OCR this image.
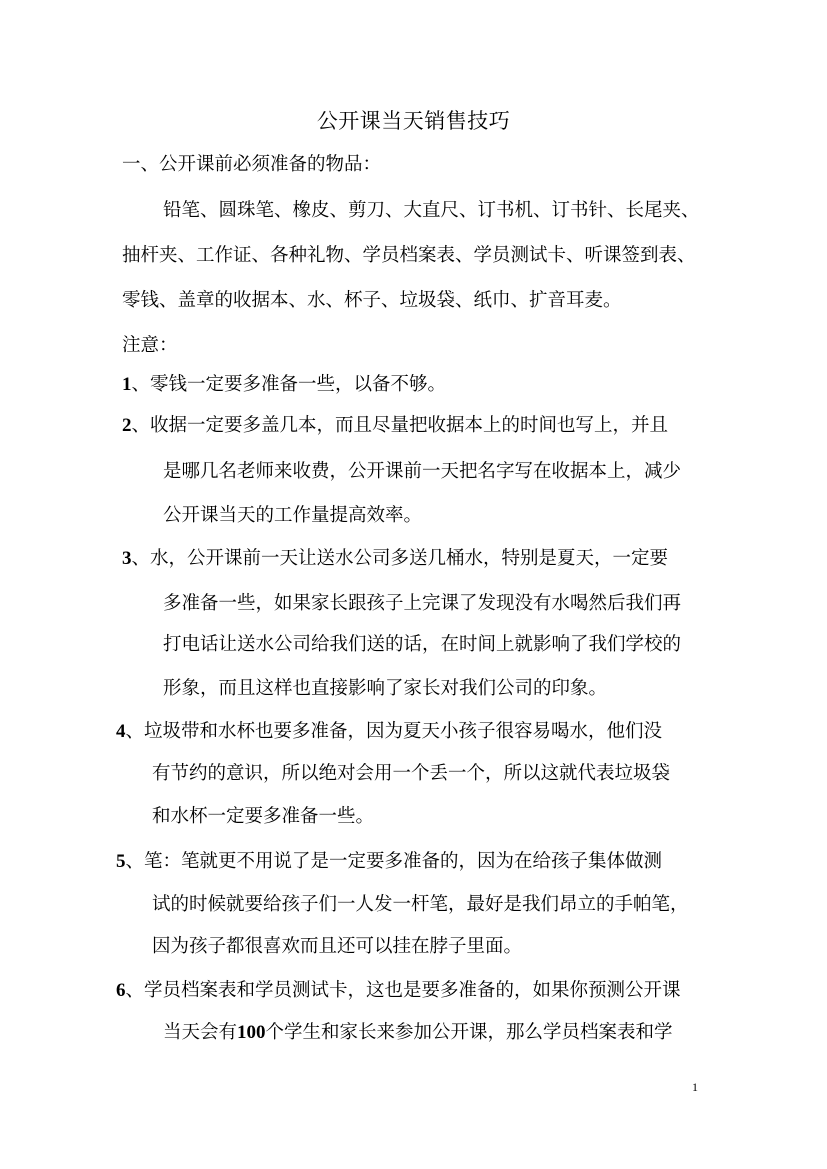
公开课当天销售技巧

一、公开课前必须准备的物品：

铅笔、圆珠笔、橡皮、剪刀、大直尺、订书机、订书针、长尾夹、

抽杆夹、工作证、各种礼物、学员档案表、学员测试卡、听课签到表、

零钱、盖章的收据本、水、杯子、垃圾袋、纸巾、扩音耳麦。

注意：

1、零钱一定要多准备一些，以备不够。

2、收据一定要多盖几本，而且尽量把收据本上的时间也写上，并且

是哪几名老师来收费，公开课前一天把名字写在收据本上，减少

公开课当天的工作量提高效率。

3、水，公开课前一天让送水公司多送几桶水，特别是夏天，一定要

多准备一些，如果家长跟孩子上完课了发现没有水喝然后我们再

打电话让送水公司给我们送的话，在时间上就影响了我们学校的

形象，而且这样也直接影响了家长对我们公司的印象。

4、垃圾带和水杯也要多准备，因为夏天小孩子很容易喝水，他们没

有节约的意识，所以绝对会用一个丢一个，所以这就代表垃圾袋

和水杯一定要多准备一些。

5、笔：笔就更不用说了是一定要多准备的，因为在给孩子集体做测

试的时候就要给孩子们一人发一杆笔，最好是我们昂立的手帕笔，

因为孩子都很喜欢而且还可以挂在脖子里面。

6、学员档案表和学员测试卡，这也是要多准备的，如果你预测公开课

当天会有100个学生和家长来参加公开课，那么学员档案表和学

1
